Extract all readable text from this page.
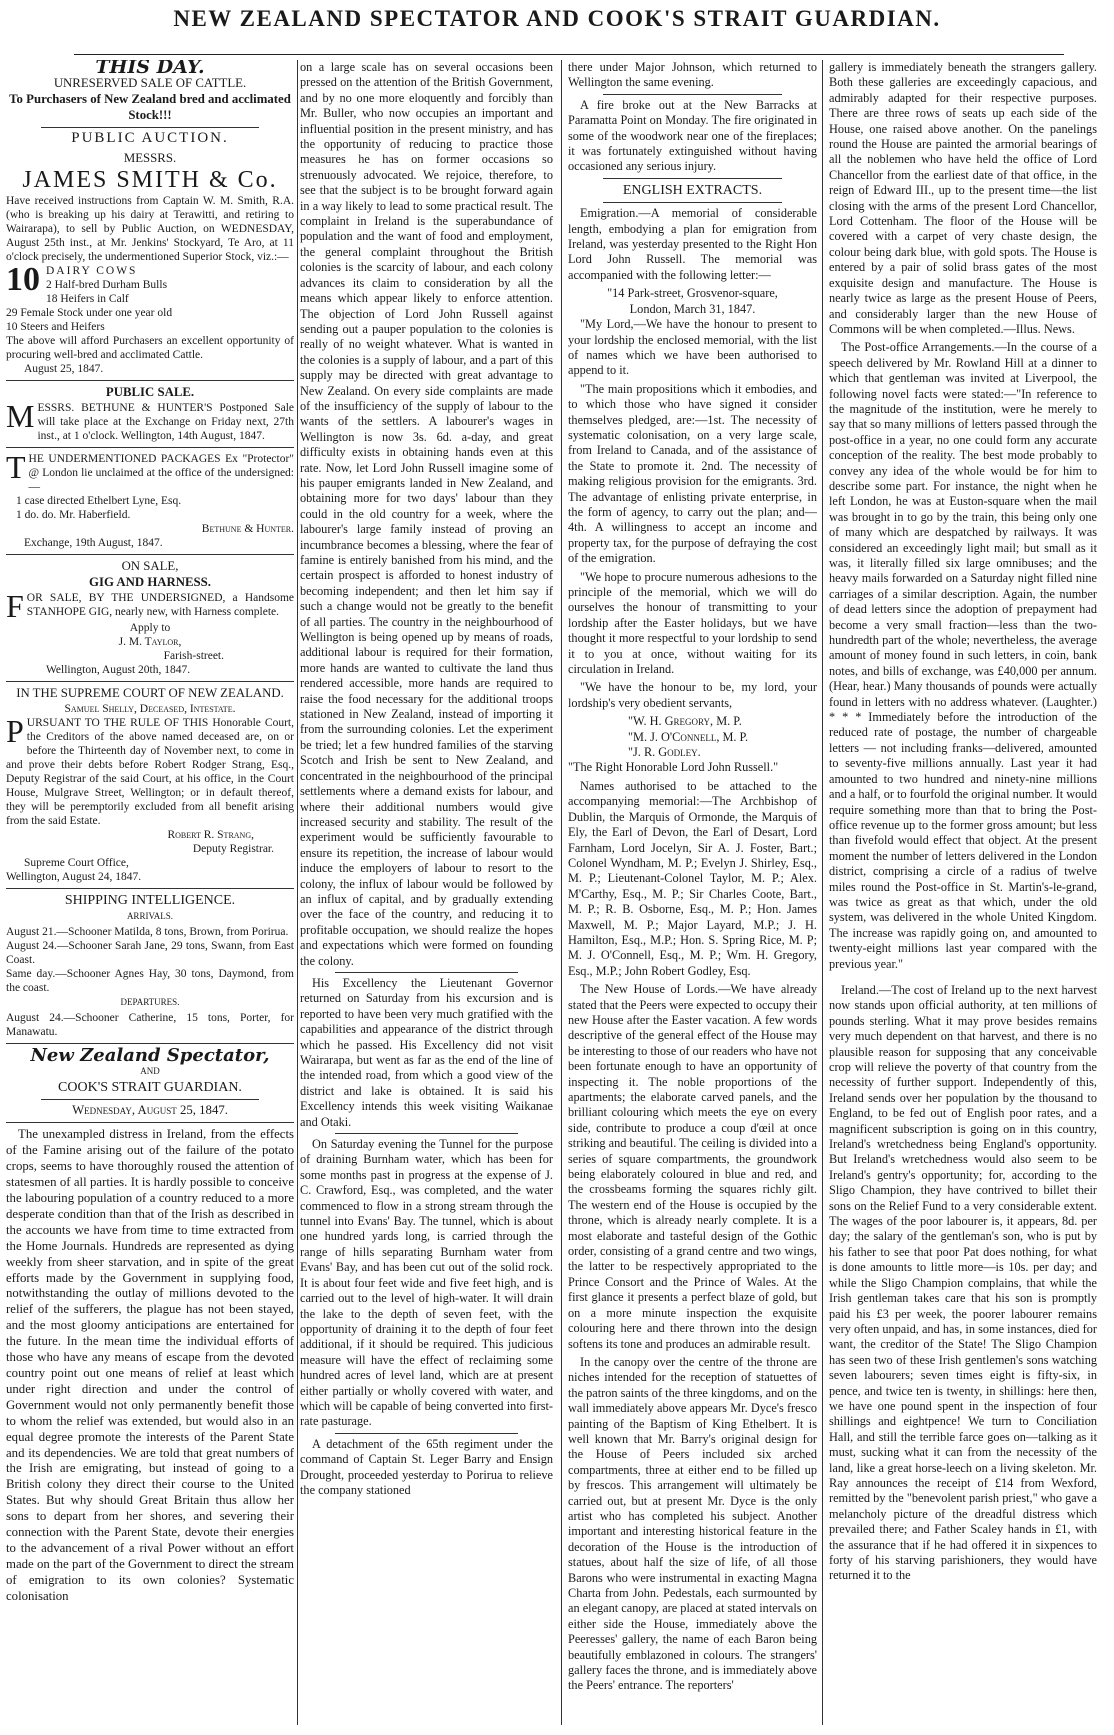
NEW ZEALAND SPECTATOR AND COOK'S STRAIT GUARDIAN.
THIS DAY.
UNRESERVED SALE OF CATTLE.
To Purchasers of New Zealand bred and acclimated Stock!!!
PUBLIC AUCTION.
MESSRS.
JAMES SMITH & Co.
Have received instructions from Captain W. M. Smith, R.A. (who is breaking up his dairy at Terawitti, and retiring to Wairarapa), to sell by Public Auction, on WEDNESDAY, August 25th inst., at Mr. Jenkins' Stockyard, Te Aro, at 11 o'clock precisely, the undermentioned Superior Stock, viz.:—
10 DAIRY COWS
2 Half-bred Durham Bulls
18 Heifers in Calf
29 Female Stock under one year old
10 Steers and Heifers
The above will afford Purchasers an excellent opportunity of procuring well-bred and acclimated Cattle.
August 25, 1847.
PUBLIC SALE.
MESSRS. BETHUNE & HUNTER'S Postponed Sale will take place at the Exchange on Friday next, 27th inst., at 1 o'clock. Wellington, 14th August, 1847.
THE UNDERMENTIONED PACKAGES Ex "Protector" @ London lie unclaimed at the office of the undersigned:—
1 case directed Ethelbert Lyne, Esq.
1 do. do. Mr. Haberfield.
Bethune & Hunter.
Exchange, 19th August, 1847.
ON SALE,
GIG AND HARNESS.
FOR SALE, BY THE UNDERSIGNED, a Handsome STANHOPE GIG, nearly new, with Harness complete.
Apply to
J. M. Taylor,
Farish-street.
Wellington, August 20th, 1847.
IN THE SUPREME COURT OF NEW ZEALAND.
Samuel Shelly, Deceased, Intestate.
PURSUANT TO THE RULE OF THIS Honorable Court, the Creditors of the above named deceased are, on or before the Thirteenth day of November next, to come in and prove their debts before Robert Rodger Strang, Esq., Deputy Registrar of the said Court, at his office, in the Court House, Mulgrave Street, Wellington; or in default thereof, they will be peremptorily excluded from all benefit arising from the said Estate.
Robert R. Strang,
Deputy Registrar.
Supreme Court Office,
Wellington, August 24, 1847.
SHIPPING INTELLIGENCE.
ARRIVALS.
August 21.—Schooner Matilda, 8 tons, Brown, from Porirua.
August 24.—Schooner Sarah Jane, 29 tons, Swann, from East Coast.
Same day.—Schooner Agnes Hay, 30 tons, Daymond, from the coast.
DEPARTURES.
August 24.—Schooner Catherine, 15 tons, Porter, for Manawatu.
New Zealand Spectator,
AND
COOK'S STRAIT GUARDIAN.
Wednesday, August 25, 1847.

The unexampled distress in Ireland, from the effects of the Famine arising out of the failure of the potato crops, seems to have thoroughly roused the attention of statesmen of all parties. It is hardly possible to conceive the labouring population of a country reduced to a more desperate condition than that of the Irish as described in the accounts we have from time to time extracted from the Home Journals. Hundreds are represented as dying weekly from sheer starvation, and in spite of the great efforts made by the Government in supplying food, notwithstanding the outlay of millions devoted to the relief of the sufferers, the plague has not been stayed, and the most gloomy anticipations are entertained for the future. In the mean time the individual efforts of those who have any means of escape from the devoted country point out one means of relief at least which under right direction and under the control of Government would not only permanently benefit those to whom the relief was extended, but would also in an equal degree promote the interests of the Parent State and its dependencies. We are told that great numbers of the Irish are emigrating, but instead of going to a British colony they direct their course to the United States. But why should Great Britain thus allow her sons to depart from her shores, and severing their connection with the Parent State, devote their energies to the advancement of a rival Power without an effort made on the part of the Government to direct the stream of emigration to its own colonies? Systematic colonisation

on a large scale has on several occasions been pressed on the attention of the British Government, and by no one more eloquently and forcibly than Mr. Buller, who now occupies an important and influential position in the present ministry, and has the opportunity of reducing to practice those measures he has on former occasions so strenuously advocated. We rejoice, therefore, to see that the subject is to be brought forward again in a way likely to lead to some practical result. The complaint in Ireland is the superabundance of population and the want of food and employment, the general complaint throughout the British colonies is the scarcity of labour, and each colony advances its claim to consideration by all the means which appear likely to enforce attention. The objection of Lord John Russell against sending out a pauper population to the colonies is really of no weight whatever. What is wanted in the colonies is a supply of labour, and a part of this supply may be directed with great advantage to New Zealand. On every side complaints are made of the insufficiency of the supply of labour to the wants of the settlers. A labourer's wages in Wellington is now 3s. 6d. a-day, and great difficulty exists in obtaining hands even at this rate. Now, let Lord John Russell imagine some of his pauper emigrants landed in New Zealand, and obtaining more for two days' labour than they could in the old country for a week, where the labourer's large family instead of proving an incumbrance becomes a blessing, where the fear of famine is entirely banished from his mind, and the certain prospect is afforded to honest industry of becoming independent; and then let him say if such a change would not be greatly to the benefit of all parties. The country in the neighbourhood of Wellington is being opened up by means of roads, additional labour is required for their formation, more hands are wanted to cultivate the land thus rendered accessible, more hands are required to raise the food necessary for the additional troops stationed in New Zealand, instead of importing it from the surrounding colonies. Let the experiment be tried; let a few hundred families of the starving Scotch and Irish be sent to New Zealand, and concentrated in the neighbourhood of the principal settlements where a demand exists for labour, and where their additional numbers would give increased security and stability. The result of the experiment would be sufficiently favourable to ensure its repetition, the increase of labour would induce the employers of labour to resort to the colony, the influx of labour would be followed by an influx of capital, and by gradually extending over the face of the country, and reducing it to profitable occupation, we should realize the hopes and expectations which were formed on founding the colony.

His Excellency the Lieutenant Governor returned on Saturday from his excursion and is reported to have been very much gratified with the capabilities and appearance of the district through which he passed. His Excellency did not visit Wairarapa, but went as far as the end of the line of the intended road, from which a good view of the district and lake is obtained. It is said his Excellency intends this week visiting Waikanae and Otaki.

On Saturday evening the Tunnel for the purpose of draining Burnham water, which has been for some months past in progress at the expense of J. C. Crawford, Esq., was completed, and the water commenced to flow in a strong stream through the tunnel into Evans' Bay. The tunnel, which is about one hundred yards long, is carried through the range of hills separating Burnham water from Evans' Bay, and has been cut out of the solid rock. It is about four feet wide and five feet high, and is carried out to the level of high-water. It will drain the lake to the depth of seven feet, with the opportunity of draining it to the depth of four feet additional, if it should be required. This judicious measure will have the effect of reclaiming some hundred acres of level land, which are at present either partially or wholly covered with water, and which will be capable of being converted into first-rate pasturage.

A detachment of the 65th regiment under the command of Captain St. Leger Barry and Ensign Drought, proceeded yesterday to Porirua to relieve the company stationed

there under Major Johnson, which returned to Wellington the same evening.

A fire broke out at the New Barracks at Paramatta Point on Monday. The fire originated in some of the woodwork near one of the fireplaces; it was fortunately extinguished without having occasioned any serious injury.

ENGLISH EXTRACTS.

Emigration.—A memorial of considerable length, embodying a plan for emigration from Ireland, was yesterday presented to the Right Hon Lord John Russell. The memorial was accompanied with the following letter:—

"14 Park-street, Grosvenor-square,
London, March 31, 1847.

"My Lord,—We have the honour to present to your lordship the enclosed memorial, with the list of names which we have been authorised to append to it.

"The main propositions which it embodies, and to which those who have signed it consider themselves pledged, are:—1st. The necessity of systematic colonisation, on a very large scale, from Ireland to Canada, and of the assistance of the State to promote it. 2nd. The necessity of making religious provision for the emigrants. 3rd. The advantage of enlisting private enterprise, in the form of agency, to carry out the plan; and—4th. A willingness to accept an income and property tax, for the purpose of defraying the cost of the emigration.

"We hope to procure numerous adhesions to the principle of the memorial, which we will do ourselves the honour of transmitting to your lordship after the Easter holidays, but we have thought it more respectful to your lordship to send it to you at once, without waiting for its circulation in Ireland.

"We have the honour to be, my lord, your lordship's very obedient servants,

"W. H. Gregory, M. P.
"M. J. O'Connell, M. P.
"J. R. Godley.

"The Right Honorable Lord John Russell."

Names authorised to be attached to the accompanying memorial:—The Archbishop of Dublin, the Marquis of Ormonde, the Marquis of Ely, the Earl of Devon, the Earl of Desart, Lord Farnham, Lord Jocelyn, Sir A. J. Foster, Bart.; Colonel Wyndham, M. P.; Evelyn J. Shirley, Esq., M. P.; Lieutenant-Colonel Taylor, M. P.; Alex. M'Carthy, Esq., M. P.; Sir Charles Coote, Bart., M. P.; R. B. Osborne, Esq., M. P.; Hon. James Maxwell, M. P.; Major Layard, M.P.; J. H. Hamilton, Esq., M.P.; Hon. S. Spring Rice, M. P; M. J. O'Connell, Esq., M. P.; Wm. H. Gregory, Esq., M.P.; John Robert Godley, Esq.

The New House of Lords.—We have already stated that the Peers were expected to occupy their new House after the Easter vacation. A few words descriptive of the general effect of the House may be interesting to those of our readers who have not been fortunate enough to have an opportunity of inspecting it. The noble proportions of the apartments; the elaborate carved panels, and the brilliant colouring which meets the eye on every side, contribute to produce a coup d'œil at once striking and beautiful. The ceiling is divided into a series of square compartments, the groundwork being elaborately coloured in blue and red, and the crossbeams forming the squares richly gilt. The western end of the House is occupied by the throne, which is already nearly complete. It is a most elaborate and tasteful design of the Gothic order, consisting of a grand centre and two wings, the latter to be respectively appropriated to the Prince Consort and the Prince of Wales. At the first glance it presents a perfect blaze of gold, but on a more minute inspection the exquisite colouring here and there thrown into the design softens its tone and produces an admirable result.

In the canopy over the centre of the throne are niches intended for the reception of statuettes of the patron saints of the three kingdoms, and on the wall immediately above appears Mr. Dyce's fresco painting of the Baptism of King Ethelbert. It is well known that Mr. Barry's original design for the House of Peers included six arched compartments, three at either end to be filled up by frescos. This arrangement will ultimately be carried out, but at present Mr. Dyce is the only artist who has completed his subject. Another important and interesting historical feature in the decoration of the House is the introduction of statues, about half the size of life, of all those Barons who were instrumental in exacting Magna Charta from John. Pedestals, each surmounted by an elegant canopy, are placed at stated intervals on either side the House, immediately above the Peeresses' gallery, the name of each Baron being beautifully emblazoned in colours. The strangers' gallery faces the throne, and is immediately above the Peers' entrance. The reporters'

gallery is immediately beneath the strangers gallery. Both these galleries are exceedingly capacious, and admirably adapted for their respective purposes. There are three rows of seats up each side of the House, one raised above another. On the panelings round the House are painted the armorial bearings of all the noblemen who have held the office of Lord Chancellor from the earliest date of that office, in the reign of Edward III., up to the present time—the list closing with the arms of the present Lord Chancellor, Lord Cottenham. The floor of the House will be covered with a carpet of very chaste design, the colour being dark blue, with gold spots. The House is entered by a pair of solid brass gates of the most exquisite design and manufacture. The House is nearly twice as large as the present House of Peers, and considerably larger than the new House of Commons will be when completed.—Illus. News.

The Post-office Arrangements.—In the course of a speech delivered by Mr. Rowland Hill at a dinner to which that gentleman was invited at Liverpool, the following novel facts were stated:—"In reference to the magnitude of the institution, were he merely to say that so many millions of letters passed through the post-office in a year, no one could form any accurate conception of the reality. The best mode probably to convey any idea of the whole would be for him to describe some part. For instance, the night when he left London, he was at Euston-square when the mail was brought in to go by the train, this being only one of many which are despatched by railways. It was considered an exceedingly light mail; but small as it was, it literally filled six large omnibuses; and the heavy mails forwarded on a Saturday night filled nine carriages of a similar description. Again, the number of dead letters since the adoption of prepayment had become a very small fraction—less than the two-hundredth part of the whole; nevertheless, the average amount of money found in such letters, in coin, bank notes, and bills of exchange, was £40,000 per annum. (Hear, hear.) Many thousands of pounds were actually found in letters with no address whatever. (Laughter.) * * * Immediately before the introduction of the reduced rate of postage, the number of chargeable letters — not including franks—delivered, amounted to seventy-five millions annually. Last year it had amounted to two hundred and ninety-nine millions and a half, or to fourfold the original number. It would require something more than that to bring the Post-office revenue up to the former gross amount; but less than fivefold would effect that object. At the present moment the number of letters delivered in the London district, comprising a circle of a radius of twelve miles round the Post-office in St. Martin's-le-grand, was twice as great as that which, under the old system, was delivered in the whole United Kingdom. The increase was rapidly going on, and amounted to twenty-eight millions last year compared with the previous year."

Ireland.—The cost of Ireland up to the next harvest now stands upon official authority, at ten millions of pounds sterling. What it may prove besides remains very much dependent on that harvest, and there is no plausible reason for supposing that any conceivable crop will relieve the poverty of that country from the necessity of further support. Independently of this, Ireland sends over her population by the thousand to England, to be fed out of English poor rates, and a magnificent subscription is going on in this country, Ireland's wretchedness being England's opportunity. But Ireland's wretchedness would also seem to be Ireland's gentry's opportunity; for, according to the Sligo Champion, they have contrived to billet their sons on the Relief Fund to a very considerable extent. The wages of the poor labourer is, it appears, 8d. per day; the salary of the gentleman's son, who is put by his father to see that poor Pat does nothing, for what is done amounts to little more—is 10s. per day; and while the Sligo Champion complains, that while the Irish gentleman takes care that his son is promptly paid his £3 per week, the poorer labourer remains very often unpaid, and has, in some instances, died for want, the creditor of the State! The Sligo Champion has seen two of these Irish gentlemen's sons watching seven labourers; seven times eight is fifty-six, in pence, and twice ten is twenty, in shillings: here then, we have one pound spent in the inspection of four shillings and eightpence! We turn to Conciliation Hall, and still the terrible farce goes on—talking as it must, sucking what it can from the necessity of the land, like a great horse-leech on a living skeleton. Mr. Ray announces the receipt of £14 from Wexford, remitted by the "benevolent parish priest," who gave a melancholy picture of the dreadful distress which prevailed there; and Father Scaley hands in £1, with the assurance that if he had offered it in sixpences to forty of his starving parishioners, they would have returned it to the
